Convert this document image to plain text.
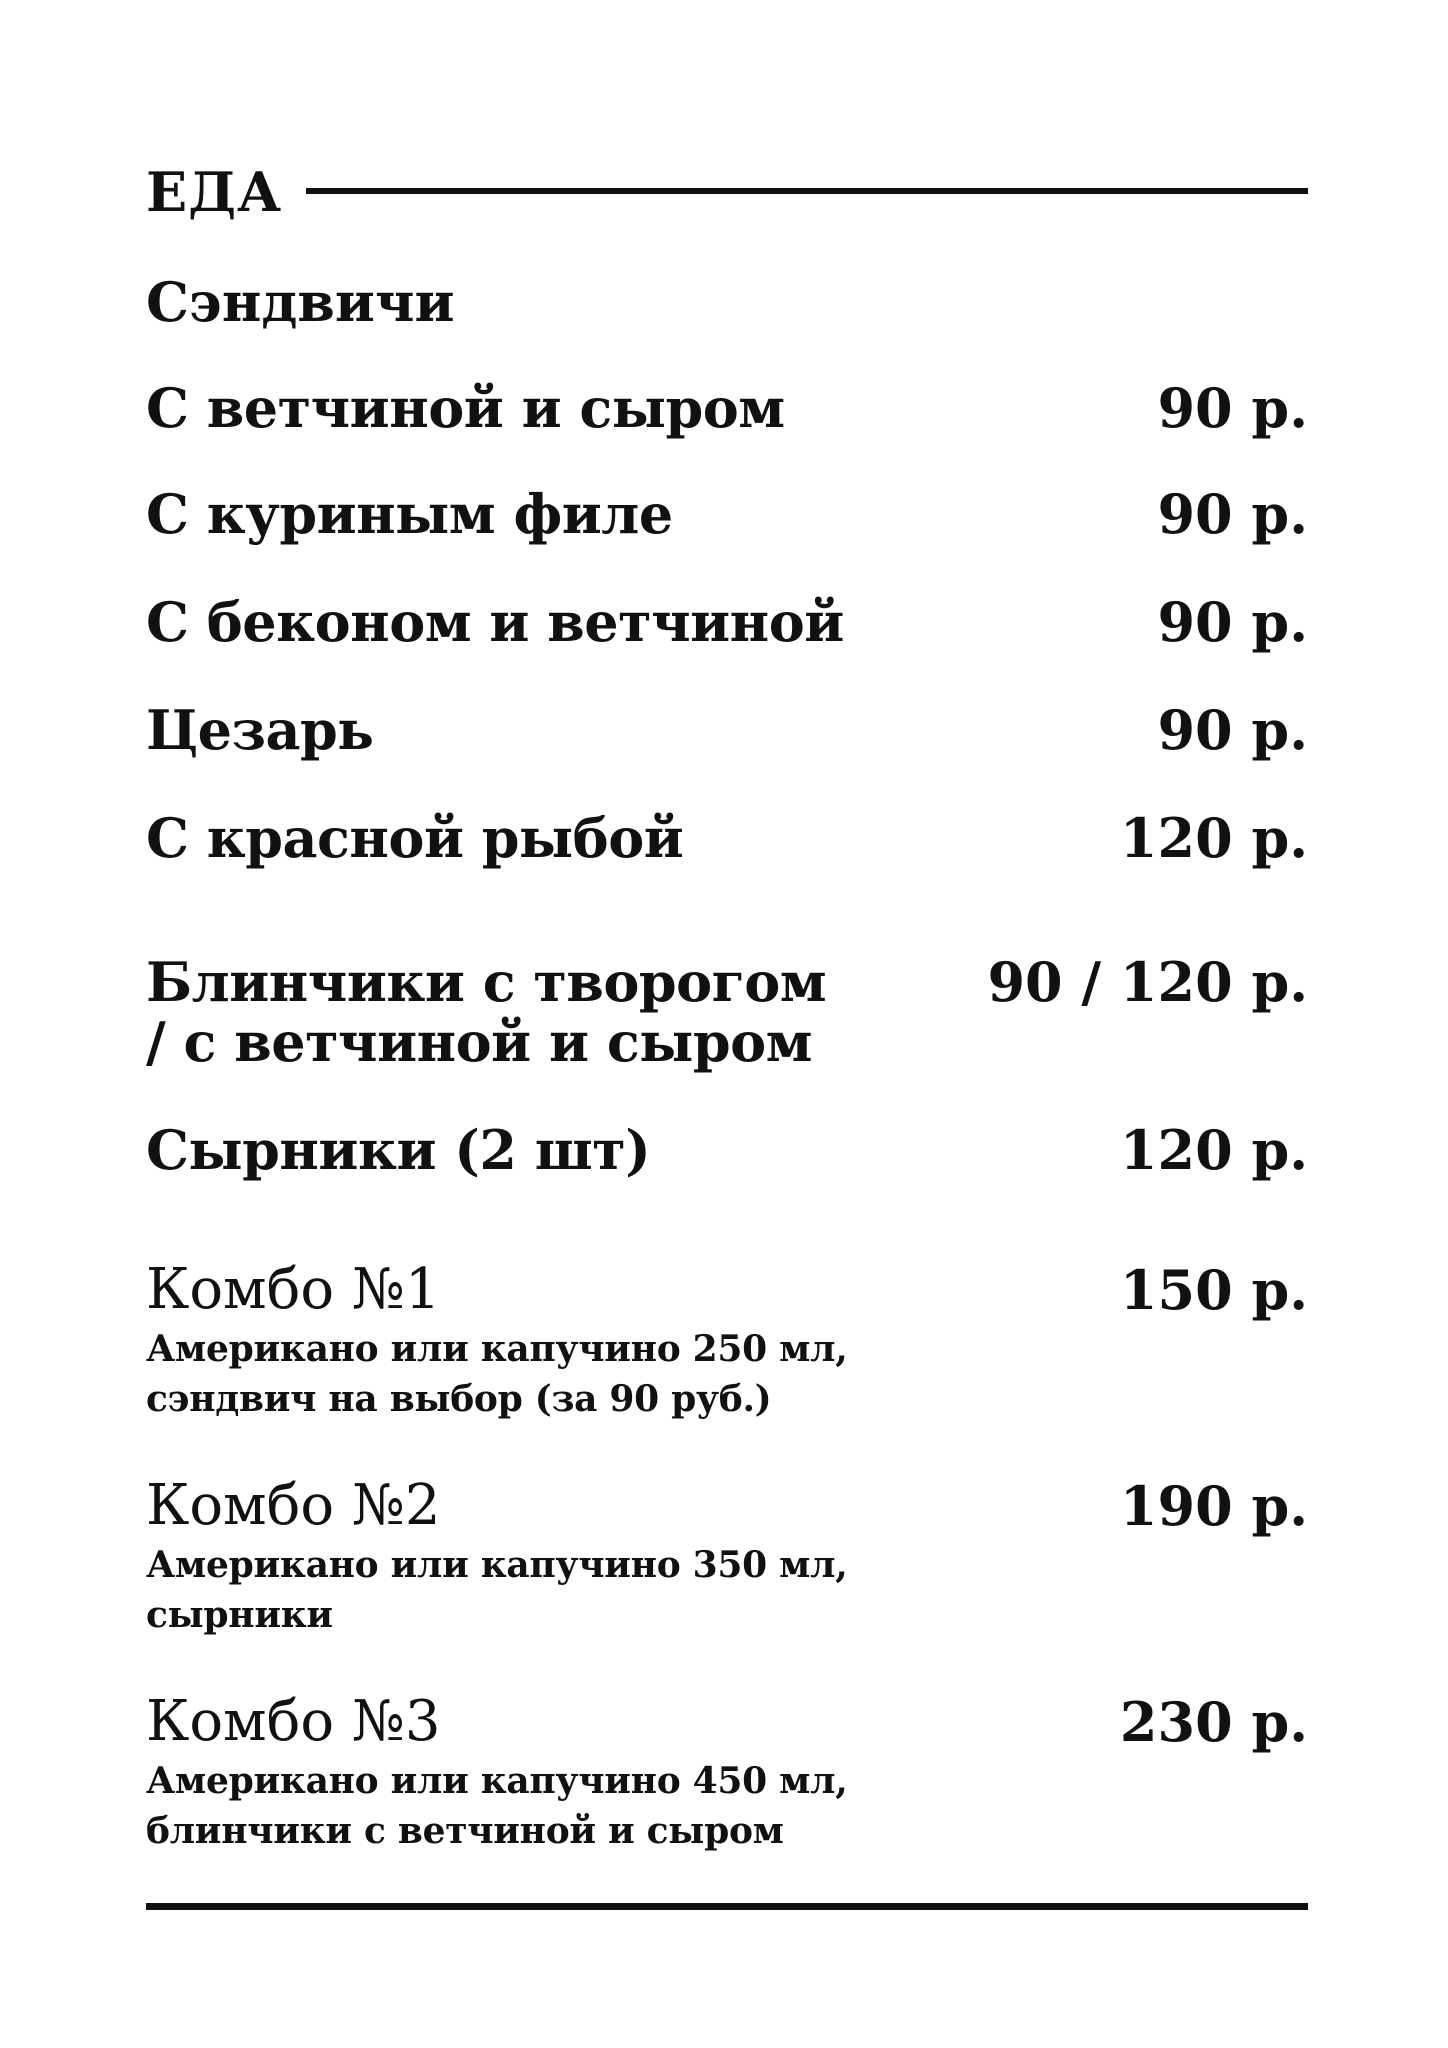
ЕДА
Сэндвичи
С ветчиной и сыром	90 р.
С куриным филе	90 р.
С беконом и ветчиной	90 р.
Цезарь	90 р.
С красной рыбой	120 р.
Блинчики с творогом
/ с ветчиной и сыром
90 / 120 р.
Сырники (2 шт)	120 р.
Комбо №1	150 р.
Американо или капучино 250 мл,
сэндвич на выбор (за 90 руб.)
Комбо №2	190 р.
Американо или капучино 350 мл,
сырники
Комбо №3	230 р.
Американо или капучино 450 мл,
блинчики с ветчиной и сыром
